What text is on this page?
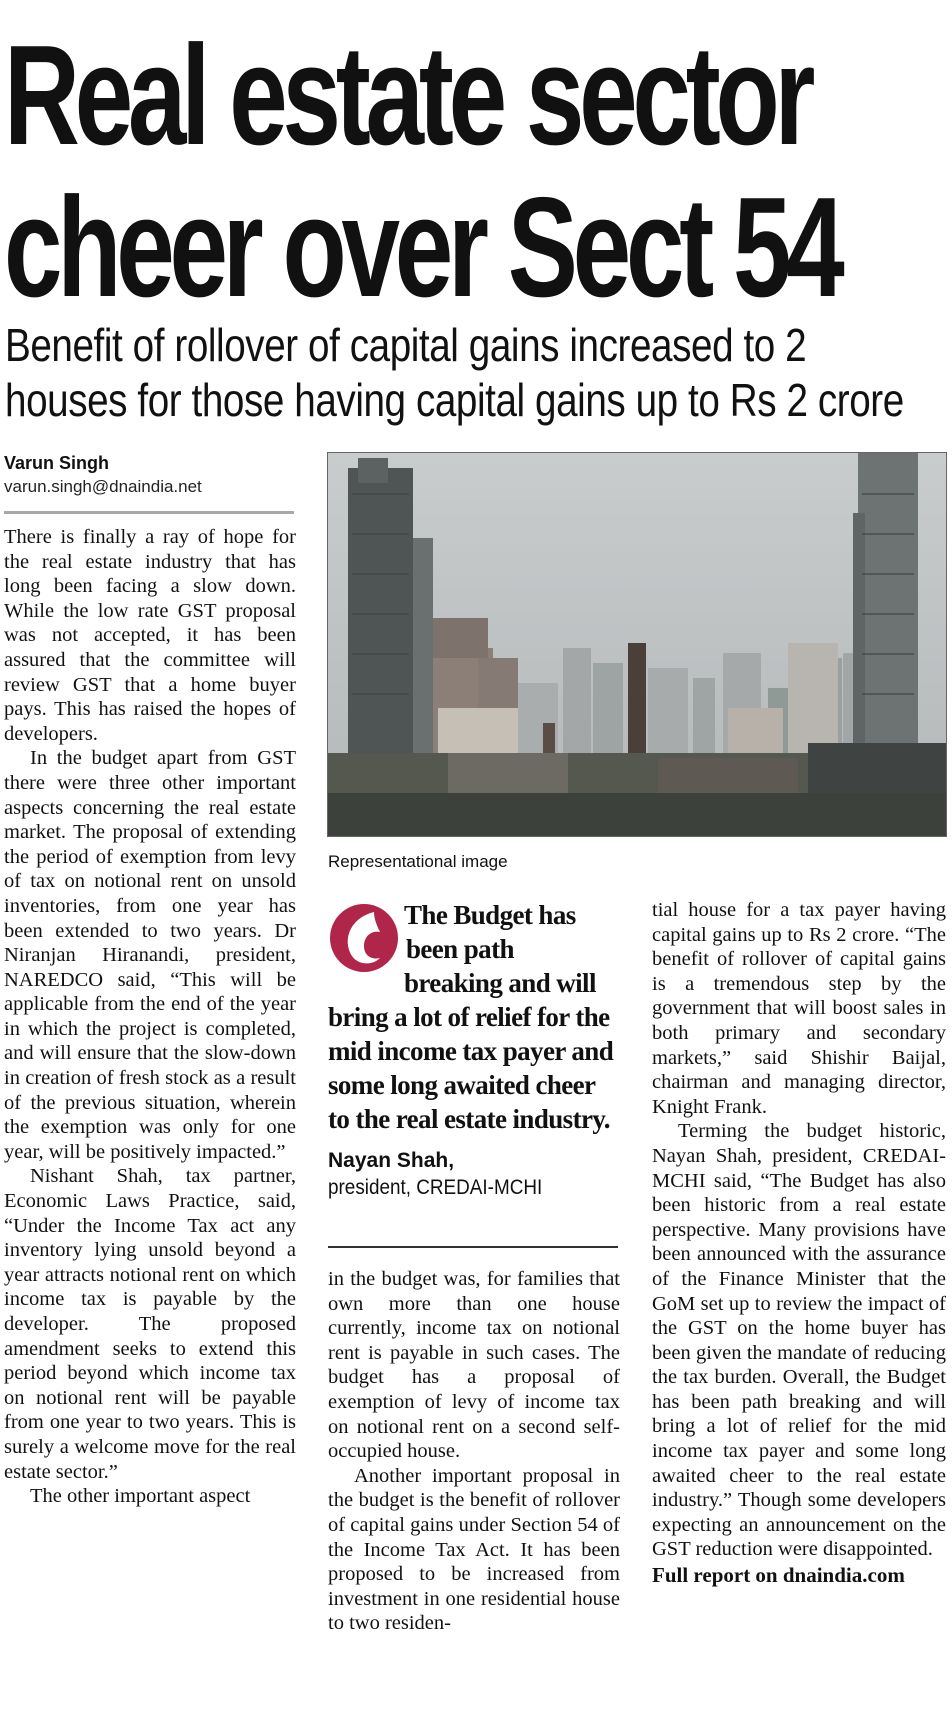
Real estate sector
cheer over Sect 54
Benefit of rollover of capital gains increased to 2
houses for those having capital gains up to Rs 2 crore
Varun Singh
varun.singh@dnaindia.net

There is finally a ray of hope for the real estate industry that has long been facing a slow down. While the low rate GST proposal was not accepted, it has been assured that the committee will review GST that a home buyer pays. This has raised the hopes of developers.

In the budget apart from GST there were three other important aspects concerning the real estate market. The proposal of extending the period of exemption from levy of tax on notional rent on unsold inventories, from one year has been extended to two years. Dr Niranjan Hiranandi, president, NAREDCO said, “This will be applicable from the end of the year in which the project is completed, and will ensure that the slow-down in creation of fresh stock as a result of the previous situation, wherein the exemption was only for one year, will be positively impacted.”

Nishant Shah, tax partner, Economic Laws Practice, said, “Under the Income Tax act any inventory lying unsold beyond a year attracts notional rent on which income tax is payable by the developer. The proposed amendment seeks to extend this period beyond which income tax on notional rent will be payable from one year to two years. This is surely a welcome move for the real estate sector.”

The other important aspect

Representational image
The Budget has
been path
breaking and will
bring a lot of relief for the mid income tax payer and some long awaited cheer to the real estate industry.
Nayan Shah,
president, CREDAI-MCHI

in the budget was, for families that own more than one house currently, income tax on notional rent is payable in such cases. The budget has a proposal of exemption of levy of income tax on notional rent on a second self-occupied house.

Another important proposal in the budget is the benefit of rollover of capital gains under Section 54 of the Income Tax Act. It has been proposed to be increased from investment in one residential house to two residen-

tial house for a tax payer having capital gains up to Rs 2 crore. “The benefit of rollover of capital gains is a tremendous step by the government that will boost sales in both primary and secondary markets,” said Shishir Baijal, chairman and managing director, Knight Frank.

Terming the budget historic, Nayan Shah, president, CREDAI-MCHI said, “The Budget has also been historic from a real estate perspective. Many provisions have been announced with the assurance of the Finance Minister that the GoM set up to review the impact of the GST on the home buyer has been given the mandate of reducing the tax burden. Overall, the Budget has been path breaking and will bring a lot of relief for the mid income tax payer and some long awaited cheer to the real estate industry.” Though some developers expecting an announcement on the GST reduction were disappointed.

Full report on dnaindia.com
